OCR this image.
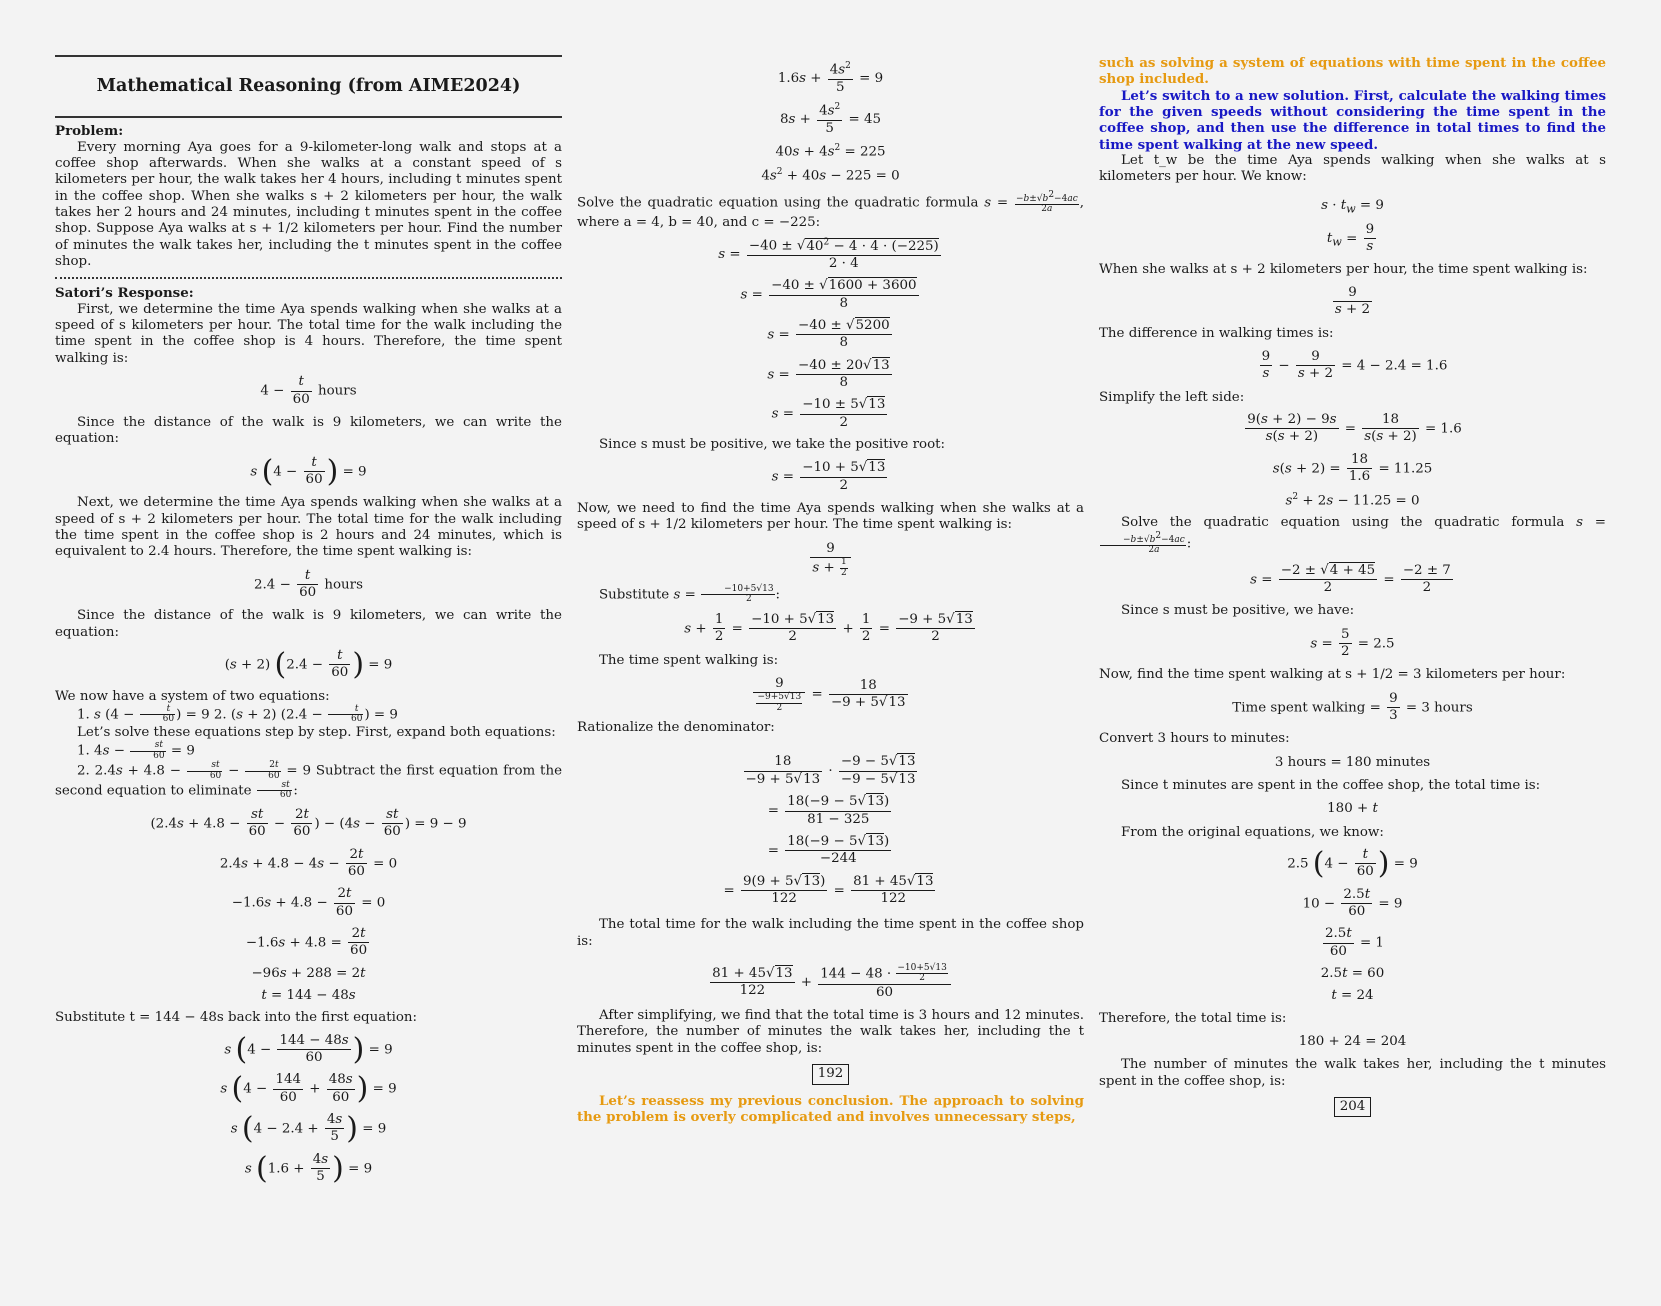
Mathematical Reasoning (from AIME2024)
Problem:

Every morning Aya goes for a 9-kilometer-long walk and stops at a coffee shop afterwards. When she walks at a constant speed of s kilometers per hour, the walk takes her 4 hours, including t minutes spent in the coffee shop. When she walks s + 2 kilometers per hour, the walk takes her 2 hours and 24 minutes, including t minutes spent in the coffee shop. Suppose Aya walks at s + 1/2 kilometers per hour. Find the number of minutes the walk takes her, including the t minutes spent in the coffee shop.

Satori’s Response:

First, we determine the time Aya spends walking when she walks at a speed of s kilometers per hour. The total time for the walk including the time spent in the coffee shop is 4 hours. Therefore, the time spent walking is:

$4 - \frac{t}{60}$ hours

Since the distance of the walk is 9 kilometers, we can write the equation:

s ($4 - \frac{t}{60}$ ) = 9

Next, we determine the time Aya spends walking when she walks at a speed of s + 2 kilometers per hour. The total time for the walk including the time spent in the coffee shop is 2 hours and 24 minutes, which is equivalent to 2.4 hours. Therefore, the time spent walking is:

$2.4 - \frac{t}{60}$ hours

Since the distance of the walk is 9 kilometers, we can write the equation:

(s + 2) ($2.4 - \frac{t}{60}$ ) = 9

We now have a system of two equations:

1. s ($4 - \frac{t}{60}$ ) = 9 2. (s + 2) ($2.4 - \frac{t}{60}$ ) = 9

Let’s solve these equations step by step. First, expand both equations:

1. $4s - \frac{st}{60} = 9$

2. $2.4s + 4.8 - \frac{st}{60} - \frac{2t}{60} = 9$ Subtract the first equation from the second equation to eliminate $\frac{st}{60}$ :

($2.4s + 4.8 - \frac{st}{60} - \frac{2t}{60}$ ) − ($4s - \frac{st}{60}$ ) = 9 − 9
$2.4s + 4.8 - 4s - \frac{2t}{60} = 0$
$-1.6s + 4.8 - \frac{2t}{60} = 0$
$-1.6s + 4.8 = \frac{2t}{60}$
−96s + 288 = 2t
t = 144 − 48s

Substitute t = 144 − 48s back into the first equation:

s ($4 - \frac{144 - 48s}{60}$ ) = 9
s ($4 - \frac{144}{60} + \frac{48s}{60}$ ) = 9
s ($4 - 2.4 + \frac{4s}{5}$ ) = 9
s ($1.6 + \frac{4s}{5}$ ) = 9
$1.6s + \frac{4s^2}{5} = 9$
$8s + \frac{4s^2}{5} = 45$
$40s + 4s^2 = 225$
$4s^2 + 40s - 225 = 0$

Solve the quadratic equation using the quadratic formula $s = \frac{-b\pm√b^2-4ac}{2a}$ , where a = 4, b = 40, and c = −225:

$s = \frac{-40 \pm √40^2 - 4 \cdot 4 \cdot (-225)}{2 \cdot 4}$
$s = \frac{-40 \pm √1600 + 3600}{8}$
$s = \frac{-40 \pm √5200}{8}$
$s = \frac{-40 \pm 20√13}{8}$
$s = \frac{-10 \pm 5√13}{2}$

Since s must be positive, we take the positive root:

$s = \frac{-10 + 5√13}{2}$

Now, we need to find the time Aya spends walking when she walks at a speed of s + 1/2 kilometers per hour. The time spent walking is:

$\frac{9}{s + \frac{1}{2}}$

Substitute $s = \frac{-10+5√13}{2}$ :

$s + \frac{1}{2} = \frac{-10 + 5√13}{2} + \frac{1}{2} = \frac{-9 + 5√13}{2}$

The time spent walking is:

$\frac{9}{\frac{-9+5√13}{2}} = \frac{18}{-9 + 5√13}$

Rationalize the denominator:

$\frac{18}{-9 + 5√13} \cdot \frac{-9 - 5√13}{-9 - 5√13}$
= $\frac{18(-9 - 5√13)}{81 - 325}$
= $\frac{18(-9 - 5√13)}{-244}$
= $\frac{9(9 + 5√13)}{122} = \frac{81 + 45√13}{122}$

The total time for the walk including the time spent in the coffee shop is:

$\frac{81 + 45√13}{122} + \frac{144 - 48 \cdot \frac{-10+5√13}{2}}{60}$

After simplifying, we find that the total time is 3 hours and 12 minutes. Therefore, the number of minutes the walk takes her, including the t minutes spent in the coffee shop, is:

192

Let’s reassess my previous conclusion. The approach to solving the problem is overly complicated and involves unnecessary steps,

such as solving a system of equations with time spent in the coffee shop included.

Let’s switch to a new solution. First, calculate the walking times for the given speeds without considering the time spent in the coffee shop, and then use the difference in total times to find the time spent walking at the new speed.

Let t_w be the time Aya spends walking when she walks at s kilometers per hour. We know:

$s \cdot t_w = 9$
$t_w = \frac{9}{s}$

When she walks at s + 2 kilometers per hour, the time spent walking is:

$\frac{9}{s + 2}$

The difference in walking times is:

$\frac{9}{s} - \frac{9}{s + 2} = 4 - 2.4 = 1.6$

Simplify the left side:

$\frac{9(s + 2) - 9s}{s(s + 2)} = \frac{18}{s(s + 2)} = 1.6$
$s(s + 2) = \frac{18}{1.6} = 11.25$
$s^2 + 2s - 11.25 = 0$

Solve the quadratic equation using the quadratic formula s =
$\frac{-b\pm√b^2-4ac}{2a}$ :

$s = \frac{-2 \pm √4 + 45}{2} = \frac{-2 \pm 7}{2}$

Since s must be positive, we have:

$s = \frac{5}{2} = 2.5$

Now, find the time spent walking at s + 1/2 = 3 kilometers per hour:

Time spent walking = $\frac{9}{3} = 3$ hours

Convert 3 hours to minutes:

3 hours = 180 minutes

Since t minutes are spent in the coffee shop, the total time is:

180 + t

From the original equations, we know:

2.5 ($4 - \frac{t}{60}$ ) = 9
$10 - \frac{2.5t}{60} = 9$
$\frac{2.5t}{60} = 1$
2.5t = 60
t = 24

Therefore, the total time is:

180 + 24 = 204

The number of minutes the walk takes her, including the t minutes spent in the coffee shop, is:

204
